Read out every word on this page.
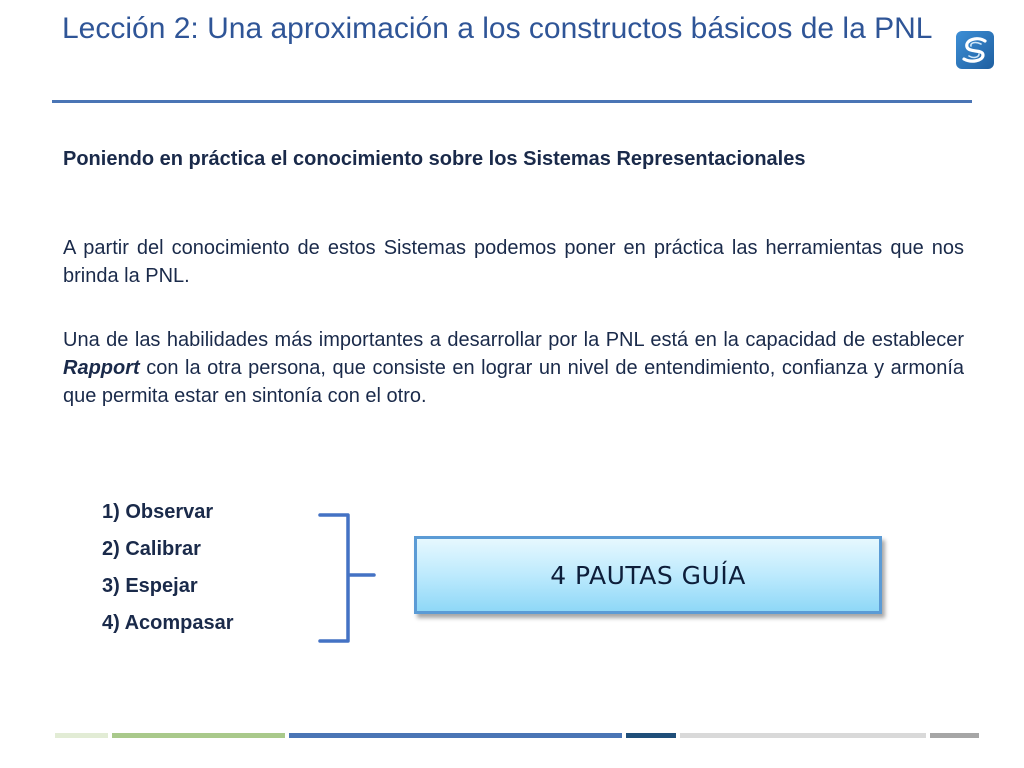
Lección 2: Una aproximación a los constructos básicos de la PNL

Poniendo en práctica el conocimiento sobre los Sistemas Representacionales

A partir del conocimiento de estos Sistemas podemos poner en práctica las herramientas que nos brinda la PNL.

Una de las habilidades más importantes a desarrollar por la PNL está en la capacidad de establecer Rapport con la otra persona, que consiste en lograr un nivel de entendimiento, confianza y armonía que permita estar en sintonía con el otro.

1) Observar
2) Calibrar
3) Espejar
4) Acompasar
4 PAUTAS GUÍA
